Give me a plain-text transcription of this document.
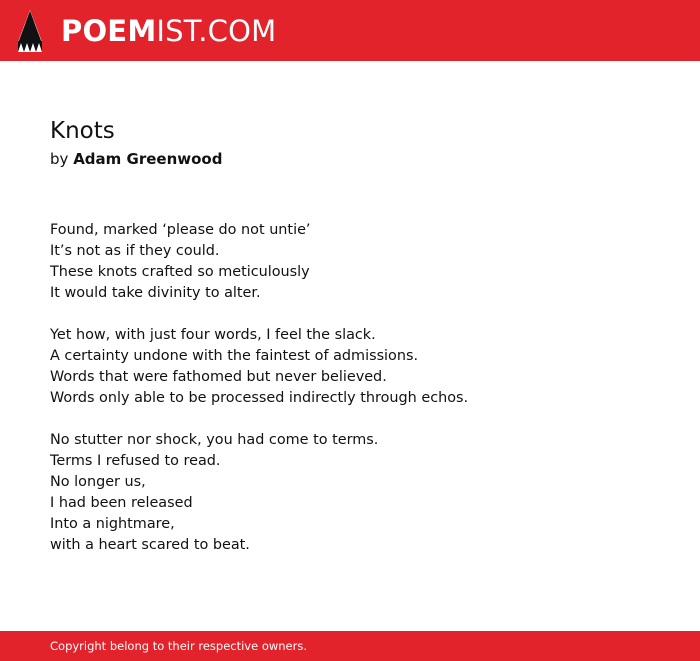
POEMIST.COM
Knots

by Adam Greenwood

Found, marked ‘please do not untie’
It’s not as if they could.
These knots crafted so meticulously
It would take divinity to alter.
Yet how, with just four words, I feel the slack.
A certainty undone with the faintest of admissions.
Words that were fathomed but never believed.
Words only able to be processed indirectly through echos.
No stutter nor shock, you had come to terms.
Terms I refused to read.
No longer us,
I had been released
Into a nightmare,
with a heart scared to beat.
Copyright belong to their respective owners.
